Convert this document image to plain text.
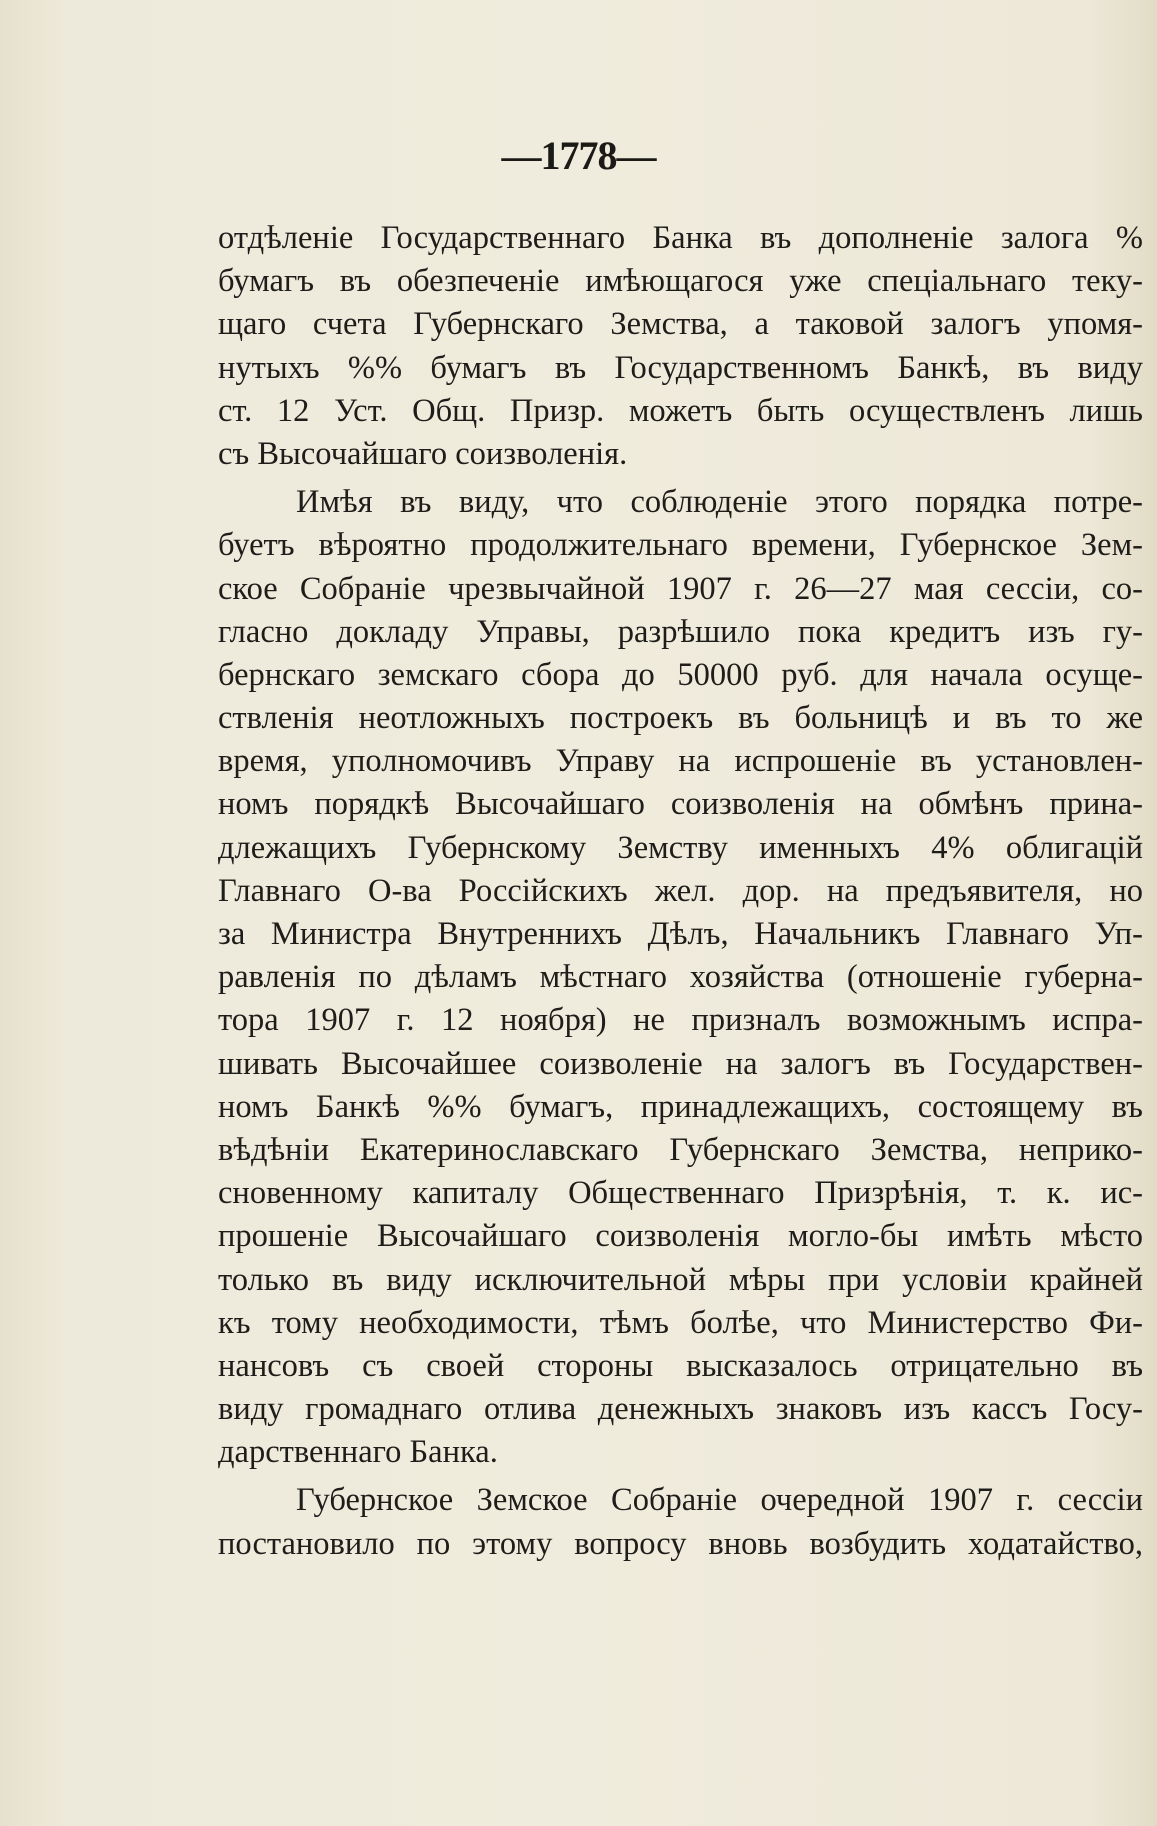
—1778—
отдѣленіе Государственнаго Банка въ дополненіе залога %
бумагъ въ обезпеченіе имѣющагося уже спеціальнаго теку-
щаго счета Губернскаго Земства, а таковой залогъ упомя-
нутыхъ %% бумагъ въ Государственномъ Банкѣ, въ виду
ст. 12 Уст. Общ. Призр. можетъ быть осуществленъ лишь
съ Высочайшаго соизволенія.
Имѣя въ виду, что соблюденіе этого порядка потре-
буетъ вѣроятно продолжительнаго времени, Губернское Зем-
ское Собраніе чрезвычайной 1907 г. 26—27 мая сессіи, со-
гласно докладу Управы, разрѣшило пока кредитъ изъ гу-
бернскаго земскаго сбора до 50000 руб. для начала осуще-
ствленія неотложныхъ построекъ въ больницѣ и въ то же
время, уполномочивъ Управу на испрошеніе въ установлен-
номъ порядкѣ Высочайшаго соизволенія на обмѣнъ прина-
длежащихъ Губернскому Земству именныхъ 4% облигацій
Главнаго О-ва Россійскихъ жел. дор. на предъявителя, но
за Министра Внутреннихъ Дѣлъ, Начальникъ Главнаго Уп-
равленія по дѣламъ мѣстнаго хозяйства (отношеніе губерна-
тора 1907 г. 12 ноября) не призналъ возможнымъ испра-
шивать Высочайшее соизволеніе на залогъ въ Государствен-
номъ Банкѣ %% бумагъ, принадлежащихъ, состоящему въ
вѣдѣніи Екатеринославскаго Губернскаго Земства, неприко-
сновенному капиталу Общественнаго Призрѣнія, т. к. ис-
прошеніе Высочайшаго соизволенія могло-бы имѣть мѣсто
только въ виду исключительной мѣры при условіи крайней
къ тому необходимости, тѣмъ болѣе, что Министерство Фи-
нансовъ съ своей стороны высказалось отрицательно въ
виду громаднаго отлива денежныхъ знаковъ изъ кассъ Госу-
дарственнаго Банка.
Губернское Земское Собраніе очередной 1907 г. сессіи
постановило по этому вопросу вновь возбудить ходатайство,
